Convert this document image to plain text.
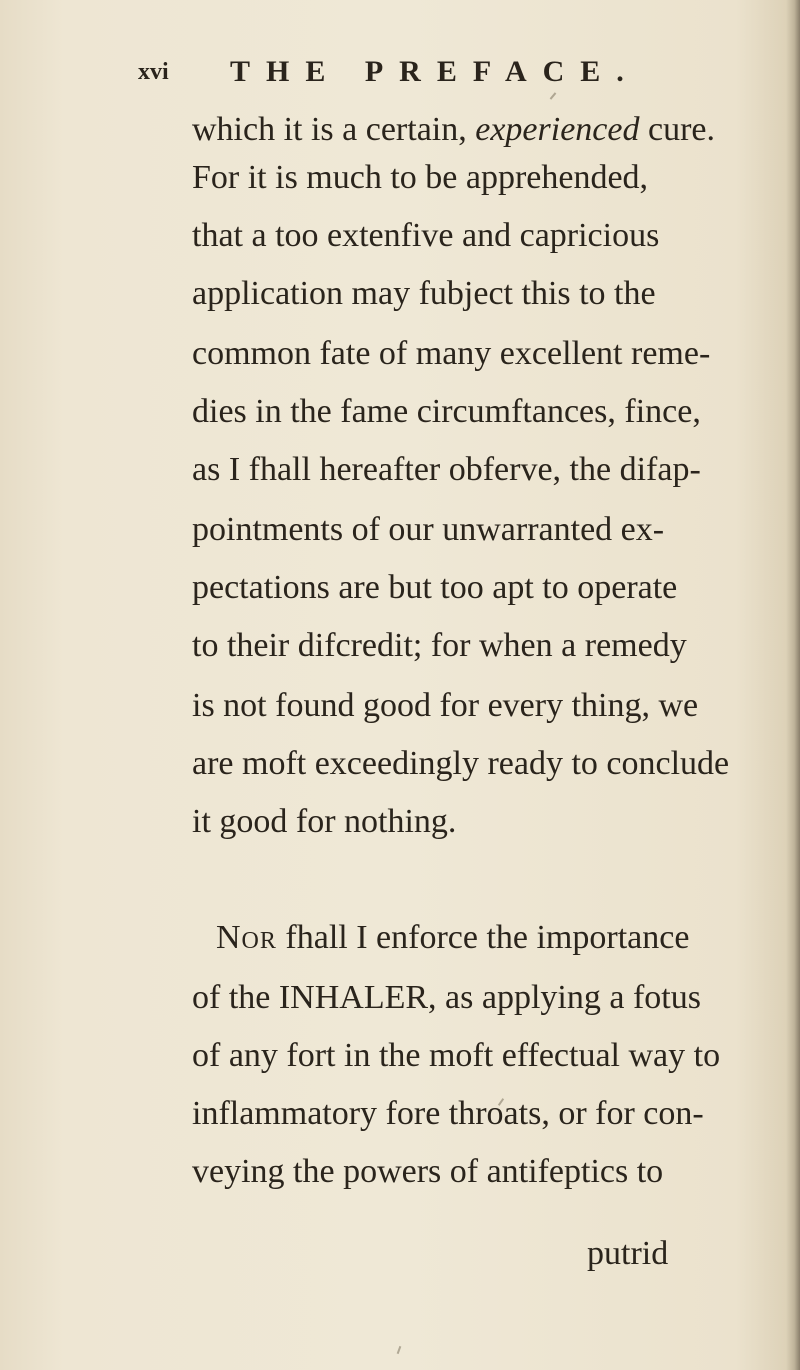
xvi THE PREFACE.
which it is a certain, experienced cure.
For it is much to be apprehended,
that a too extenfive and capricious
application may fubject this to the
common fate of many excellent reme-
dies in the fame circumftances, fince,
as I fhall hereafter obferve, the difap-
pointments of our unwarranted ex-
pectations are but too apt to operate
to their difcredit; for when a remedy
is not found good for every thing, we
are moft exceedingly ready to conclude
it good for nothing.
Nor fhall I enforce the importance
of the INHALER, as applying a fotus
of any fort in the moft effectual way to
inflammatory fore throats, or for con-
veying the powers of antifeptics to
putrid
